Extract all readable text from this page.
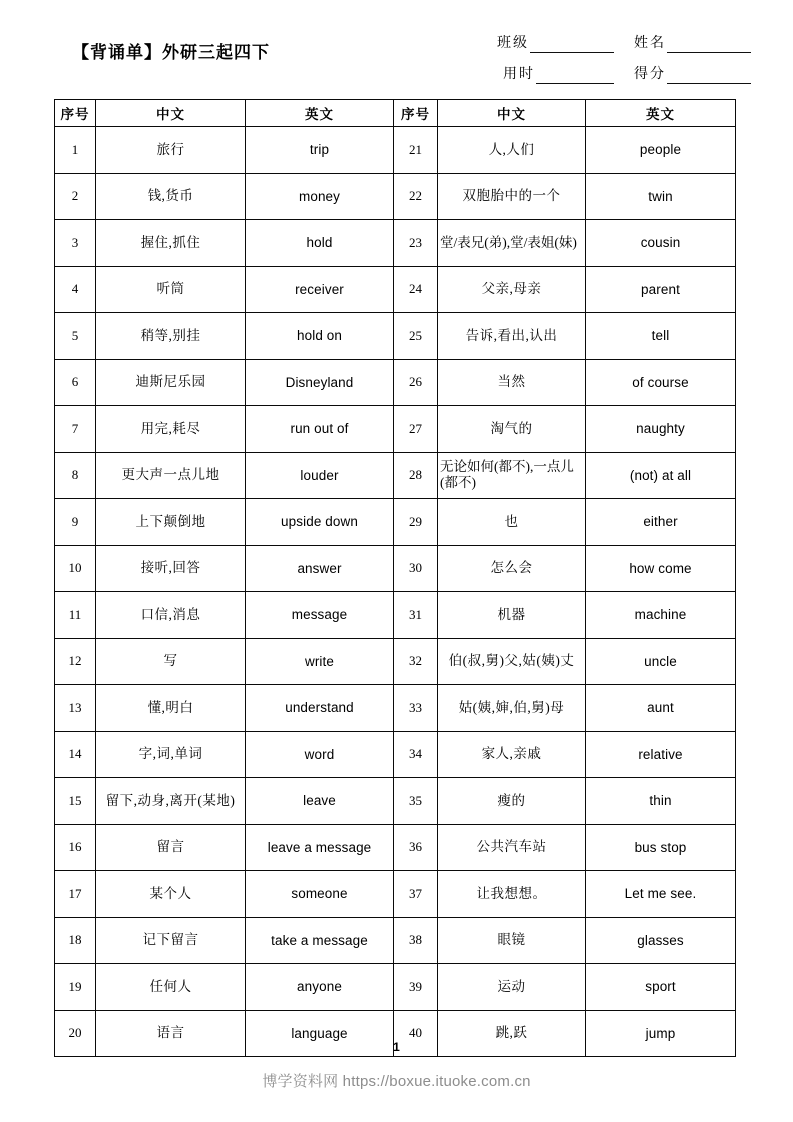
【背诵单】外研三起四下	班级	姓名
用时	得分
序号	中文	英文	序号	中文	英文
1	旅行	trip	21	人,人们	people
2	钱,货币	money	22	双胞胎中的一个	twin
3	握住,抓住	hold	23	堂/表兄(弟),堂/表姐(妹)	cousin
4	听筒	receiver	24	父亲,母亲	parent
5	稍等,别挂	hold on	25	告诉,看出,认出	tell
6	迪斯尼乐园	Disneyland	26	当然	of course
7	用完,耗尽	run out of	27	淘气的	naughty
8	更大声一点儿地	louder	28	无论如何(都不),一点儿(都不)	(not) at all
9	上下颠倒地	upside down	29	也	either
10	接听,回答	answer	30	怎么会	how come
11	口信,消息	message	31	机器	machine
12	写	write	32	伯(叔,舅)父,姑(姨)丈	uncle
13	懂,明白	understand	33	姑(姨,婶,伯,舅)母	aunt
14	字,词,单词	word	34	家人,亲戚	relative
15	留下,动身,离开(某地)	leave	35	瘦的	thin
16	留言	leave a message	36	公共汽车站	bus stop
17	某个人	someone	37	让我想想。	Let me see.
18	记下留言	take a message	38	眼镜	glasses
19	任何人	anyone	39	运动	sport
20	语言	language	40	跳,跃	jump
1
博学资料网 https://boxue.ituoke.com.cn
